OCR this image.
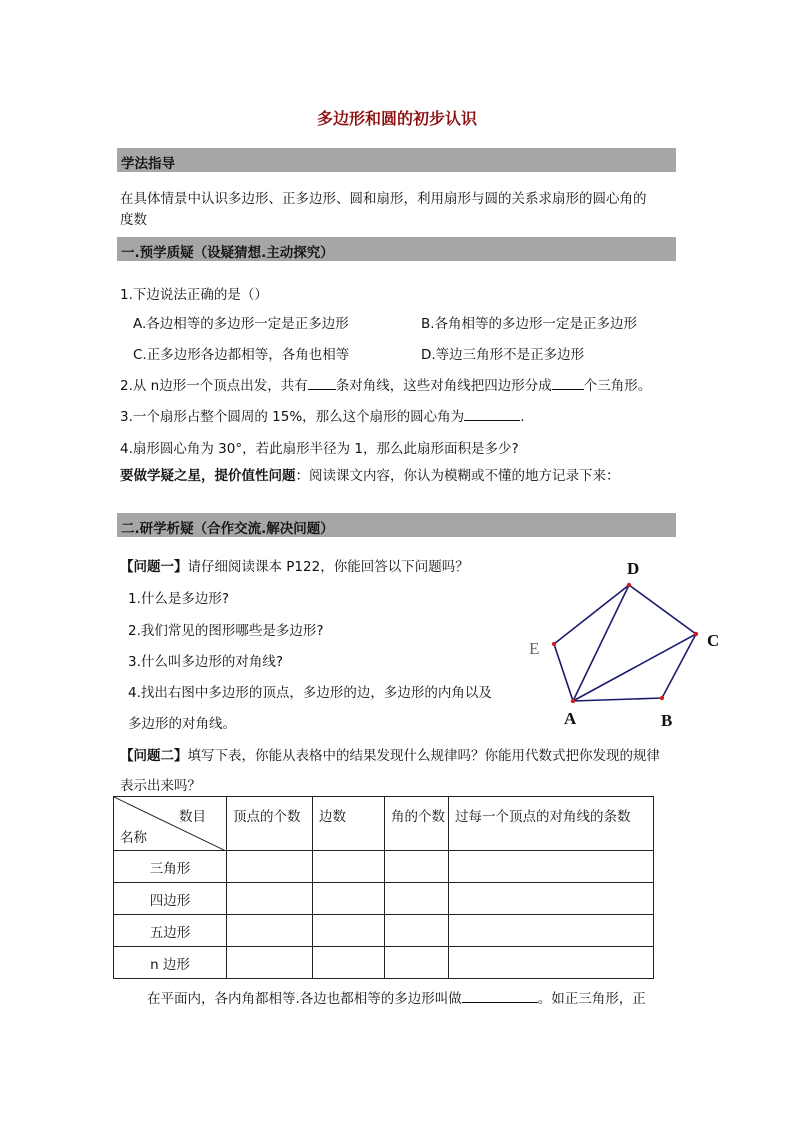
多边形和圆的初步认识
学法指导
在具体情景中认识多边形、正多边形、圆和扇形，利用扇形与圆的关系求扇形的圆心角的
度数
一.预学质疑（设疑猜想.主动探究）
1.下边说法正确的是（）
A.各边相等的多边形一定是正多边形	B.各角相等的多边形一定是正多边形
C.正多边形各边都相等，各角也相等	D.等边三角形不是正多边形
2.从 n边形一个顶点出发，共有 条对角线，这些对角线把四边形分成 个三角形。
3.一个扇形占整个圆周的 15%，那么这个扇形的圆心角为	.
4.扇形圆心角为 30°，若此扇形半径为 1，那么此扇形面积是多少?
要做学疑之星，提价值性问题：阅读课文内容，你认为模糊或不懂的地方记录下来：
二.研学析疑（合作交流.解决问题）
【问题一】请仔细阅读课本 P122，你能回答以下问题吗？
1.什么是多边形?
2.我们常见的图形哪些是多边形?
3.什么叫多边形的对角线?
4.找出右图中多边形的顶点，多边形的边，多边形的内角以及
多边形的对角线。	A	B
C
D
E
【问题二】填写下表，你能从表格中的结果发现什么规律吗？你能用代数式把你发现的规律
表示出来吗？
数目
名称	顶点的个数	边数	角的个数	过每一个顶点的对角线的条数
三角形				
四边形				
五边形				
n 边形				
在平面内，各内角都相等.各边也都相等的多边形叫做	。如正三角形，正
